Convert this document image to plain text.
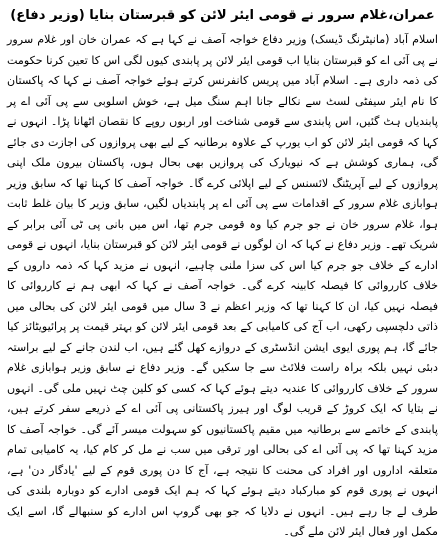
عمران،غلام سرور نے قومی ایئر لائن کو قبرستان بنایا (وزیر دفاع)

اسلام آباد (مانیٹرنگ ڈیسک) وزیر دفاع خواجہ آصف نے کہا ہے کہ عمران خان اور غلام سرور نے پی آئی اے کو قبرستان بنایا اب قومی ایئر لائن پر پابندی کیوں لگی اس کا تعین کرنا حکومت کی ذمہ داری ہے۔ اسلام آباد میں پریس کانفرنس کرتے ہوئے خواجہ آصف نے کہا کہ پاکستان کا نام ایئر سیفٹی لسٹ سے نکالے جانا اہم سنگ میل ہے، خوش اسلوبی سے پی آئی اے پر پابندیاں ہٹ گئیں، اس پابندی سے قومی شناخت اور اربوں روپے کا نقصان اٹھانا پڑا۔ انہوں نے کہا کہ قومی ایئر لائن کو اب یورپ کے علاوہ برطانیہ کے لیے بھی پروازوں کی اجازت دی جائے گی، ہماری کوشش ہے کہ نیویارک کی پروازیں بھی بحال ہوں، پاکستان بیرون ملک اپنی پروازوں کے لیے آپریٹنگ لائسنس کے لیے اپلائی کرے گا۔ خواجہ آصف کا کہنا تھا کہ سابق وزیر ہوابازی غلام سرور کے اقدامات سے پی آئی اے پر پابندیاں لگیں، سابق وزیر کا بیان غلط ثابت ہوا، غلام سرور خان نے جو جرم کیا وہ قومی جرم تھا، اس میں بانی پی ٹی آئی برابر کے شریک تھے۔ وزیر دفاع نے کہا کہ ان لوگوں نے قومی ایئر لائن کو قبرستان بنایا، انہوں نے قومی ادارے کے خلاف جو جرم کیا اس کی سزا ملنی چاہیے، انہوں نے مزید کہا کہ ذمہ داروں کے خلاف کارروائی کا فیصلہ کابینہ کرے گی۔ خواجہ آصف نے کہا کہ ابھی ہم نے کارروائی کا فیصلہ نہیں کیا، ان کا کہنا تھا کہ وزیر اعظم نے 3 سال میں قومی ایئر لائن کی بحالی میں ذاتی دلچسپی رکھی، اب آج کی کامیابی کے بعد قومی ایئر لائن کو بہتر قیمت پر پرائیویٹائز کیا جائے گا، ہم پوری ایوی ایشن انڈسٹری کے دروازے کھل گئے ہیں، اب لندن جانے کے لیے براستہ دبئی نہیں بلکہ براہ راست فلائٹ سے جا سکیں گے۔ وزیر دفاع نے سابق وزیر ہوابازی غلام سرور کے خلاف کارروائی کا عندیہ دیتے ہوئے کہا کہ کسی کو کلین چٹ نہیں ملی گی۔ انہوں نے بتایا کہ ایک کروڑ کے قریب لوگ اور ہیرز پاکستانی پی آئی اے کے ذریعے سفر کرتے ہیں، پابندی کے خاتمے سے برطانیہ میں مقیم پاکستانیوں کو سہولت میسر آئے گی۔ خواجہ آصف کا مزید کہنا تھا کہ پی آئی اے کی بحالی اور ترقی میں سب نے مل کر کام کیا، یہ کامیابی تمام متعلقہ اداروں اور افراد کی محنت کا نتیجہ ہے، آج کا دن پوری قوم کے لیے 'یادگار دن' ہے، انہوں نے پوری قوم کو مبارکباد دیتے ہوئے کہا کہ ہم ایک قومی ادارے کو دوبارہ بلندی کی طرف لے جا رہے ہیں۔ انہوں نے دلایا کہ جو بھی گروپ اس ادارے کو سنبھالے گا، اسے ایک مکمل اور فعال ایئر لائن ملے گی۔
